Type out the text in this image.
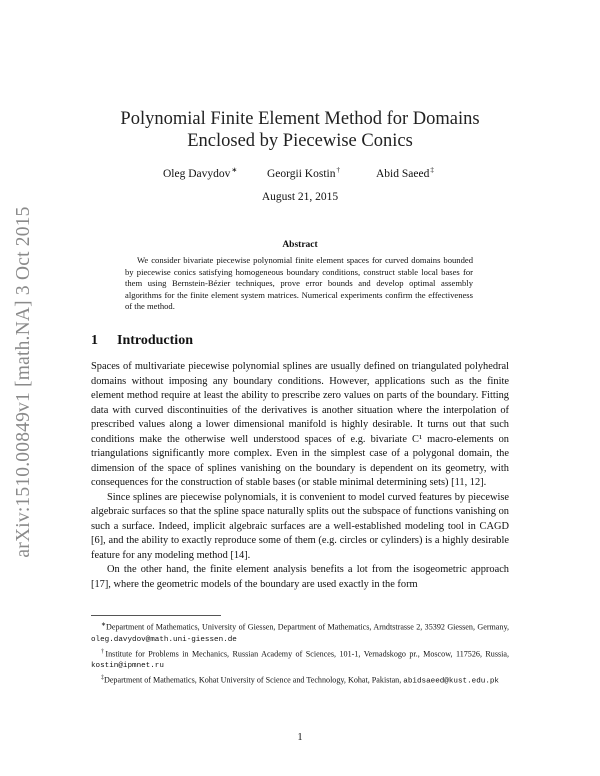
arXiv:1510.00849v1 [math.NA] 3 Oct 2015
Polynomial Finite Element Method for Domains Enclosed by Piecewise Conics
Oleg Davydov∗	Georgii Kostin†	Abid Saeed‡
August 21, 2015
Abstract

We consider bivariate piecewise polynomial finite element spaces for curved domains bounded by piecewise conics satisfying homogeneous boundary conditions, construct stable local bases for them using Bernstein-Bézier techniques, prove error bounds and develop optimal assembly algorithms for the finite element system matrices. Numerical experiments confirm the effectiveness of the method.

1 Introduction

Spaces of multivariate piecewise polynomial splines are usually defined on triangulated polyhedral domains without imposing any boundary conditions. However, applications such as the finite element method require at least the ability to prescribe zero values on parts of the boundary. Fitting data with curved discontinuities of the derivatives is another situation where the interpolation of prescribed values along a lower dimensional manifold is highly desirable. It turns out that such conditions make the otherwise well understood spaces of e.g. bivariate C¹ macro-elements on triangulations significantly more complex. Even in the simplest case of a polygonal domain, the dimension of the space of splines vanishing on the boundary is dependent on its geometry, with consequences for the construction of stable bases (or stable minimal determining sets) [11, 12].

Since splines are piecewise polynomials, it is convenient to model curved features by piecewise algebraic surfaces so that the spline space naturally splits out the subspace of functions vanishing on such a surface. Indeed, implicit algebraic surfaces are a well-established modeling tool in CAGD [6], and the ability to exactly reproduce some of them (e.g. circles or cylinders) is a highly desirable feature for any modeling method [14].

On the other hand, the finite element analysis benefits a lot from the isogeometric approach [17], where the geometric models of the boundary are used exactly in the form

∗Department of Mathematics, University of Giessen, Department of Mathematics, Arndtstrasse 2, 35392 Giessen, Germany, oleg.davydov@math.uni-giessen.de

†Institute for Problems in Mechanics, Russian Academy of Sciences, 101-1, Vernadskogo pr., Moscow, 117526, Russia, kostin@ipmnet.ru

‡Department of Mathematics, Kohat University of Science and Technology, Kohat, Pakistan, abidsaeed@kust.edu.pk

1
